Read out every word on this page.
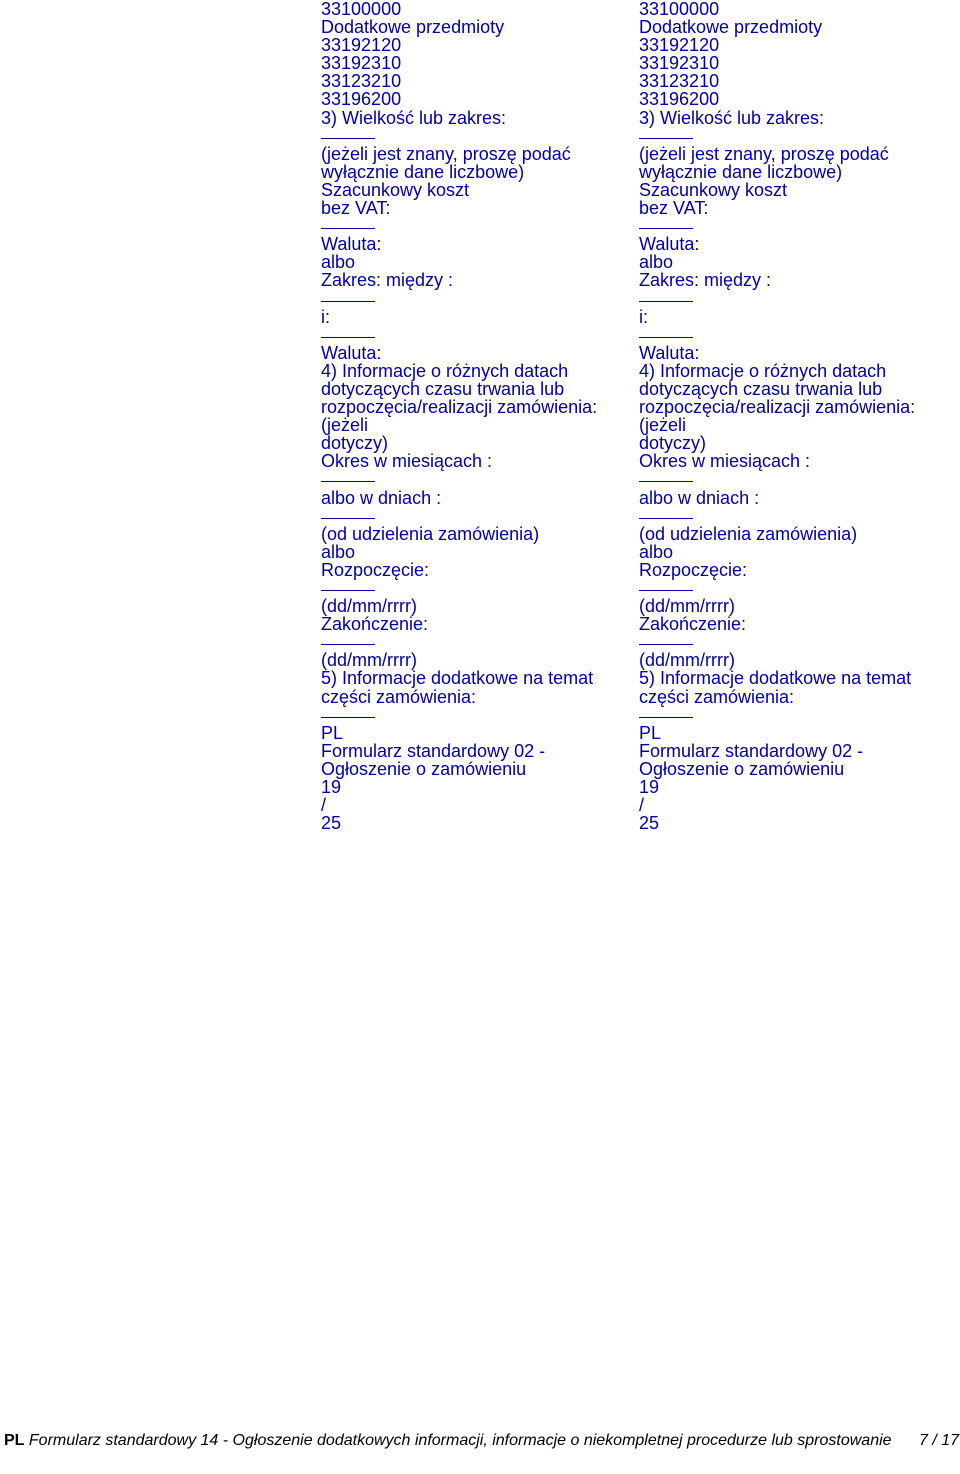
33100000
Dodatkowe przedmioty
33192120
33192310
33123210
33196200
3) Wielkość lub zakres:
(jeżeli jest znany, proszę podać
wyłącznie dane liczbowe)
Szacunkowy koszt
bez VAT:
Waluta:
albo
Zakres: między :
i:
Waluta:
4) Informacje o różnych datach
dotyczących czasu trwania lub
rozpoczęcia/realizacji zamówienia:
(jeżeli
dotyczy)
Okres w miesiącach :
albo w dniach :
(od udzielenia zamówienia)
albo
Rozpoczęcie:
(dd/mm/rrrr)
Zakończenie:
(dd/mm/rrrr)
5) Informacje dodatkowe na temat
części zamówienia:
PL
Formularz standardowy 02 -
Ogłoszenie o zamówieniu
19
/
25
33100000
Dodatkowe przedmioty
33192120
33192310
33123210
33196200
3) Wielkość lub zakres:
(jeżeli jest znany, proszę podać
wyłącznie dane liczbowe)
Szacunkowy koszt
bez VAT:
Waluta:
albo
Zakres: między :
i:
Waluta:
4) Informacje o różnych datach
dotyczących czasu trwania lub
rozpoczęcia/realizacji zamówienia:
(jeżeli
dotyczy)
Okres w miesiącach :
albo w dniach :
(od udzielenia zamówienia)
albo
Rozpoczęcie:
(dd/mm/rrrr)
Zakończenie:
(dd/mm/rrrr)
5) Informacje dodatkowe na temat
części zamówienia:
PL
Formularz standardowy 02 -
Ogłoszenie o zamówieniu
19
/
25
PL Formularz standardowy 14 - Ogłoszenie dodatkowych informacji, informacje o niekompletnej procedurze lub sprostowanie 7 / 17
